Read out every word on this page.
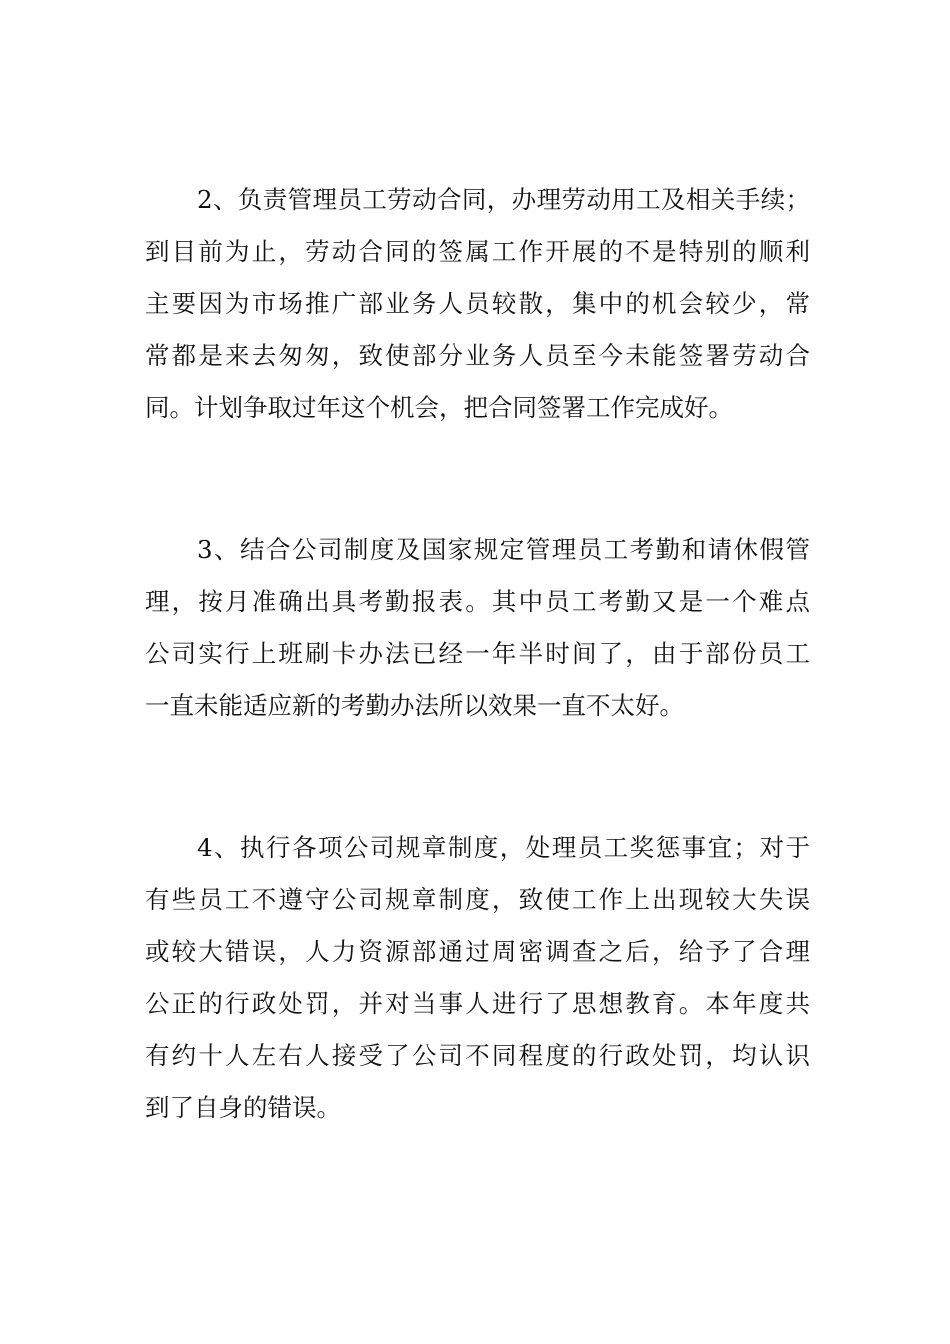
2、负责管理员工劳动合同，办理劳动用工及相关手续；
到目前为止，劳动合同的签属工作开展的不是特别的顺利
主要因为市场推广部业务人员较散，集中的机会较少，常
常都是来去匆匆，致使部分业务人员至今未能签署劳动合
同。计划争取过年这个机会，把合同签署工作完成好。
3、结合公司制度及国家规定管理员工考勤和请休假管
理，按月准确出具考勤报表。其中员工考勤又是一个难点
公司实行上班刷卡办法已经一年半时间了，由于部份员工
一直未能适应新的考勤办法所以效果一直不太好。
4、执行各项公司规章制度，处理员工奖惩事宜；对于
有些员工不遵守公司规章制度，致使工作上出现较大失误
或较大错误，人力资源部通过周密调查之后，给予了合理
公正的行政处罚，并对当事人进行了思想教育。本年度共
有约十人左右人接受了公司不同程度的行政处罚，均认识
到了自身的错误。
